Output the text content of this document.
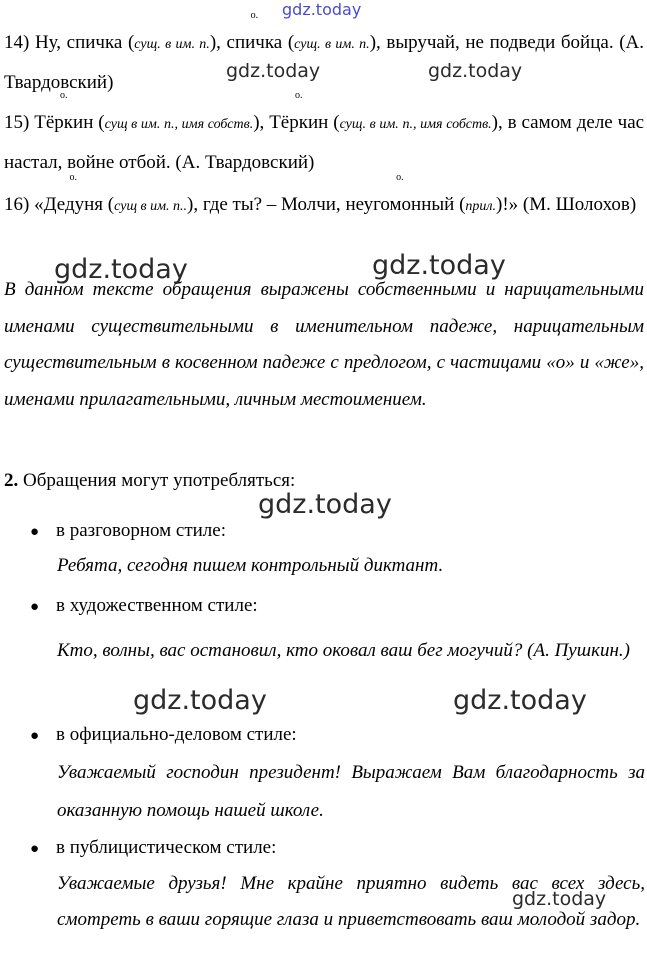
14) Ну, спичка (сущ. в им. п.),
о.
спичка (сущ. в им. п.), выручай, не подведи бойца. (А. Твардовский)
15)
о.
Тёркин (сущ в им. п., имя собств.),
о.
Тёркин (сущ. в им. п., имя собств.), в самом деле час настал, войне отбой. (А. Твардовский)
16) «
о.
Дедуня (сущ в им. п..), где ты? – Молчи,
о.
неугомонный (прил.)!» (М. Шолохов)
В данном тексте обращения выражены собственными и нарицательными именами существительными в именительном падеже, нарицательным существительным в косвенном падеже с предлогом, с частицами «о» и «же», именами прилагательными, личным местоимением.
2. Обращения могут употребляться:
● в разговорном стиле:
Ребята, сегодня пишем контрольный диктант.
● в художественном стиле:
Кто, волны, вас остановил, кто оковал ваш бег могучий? (А. Пушкин.)
● в официально-деловом стиле:
Уважаемый господин президент! Выражаем Вам благодарность за оказанную помощь нашей школе.
● в публицистическом стиле:
Уважаемые друзья! Мне крайне приятно видеть вас всех здесь, смотреть в ваши горящие глаза и приветствовать ваш молодой задор.
gdz.today
gdz.today	gdz.today
gdz.today	gdz.today
gdz.today
gdz.today	gdz.today
gdz.today
